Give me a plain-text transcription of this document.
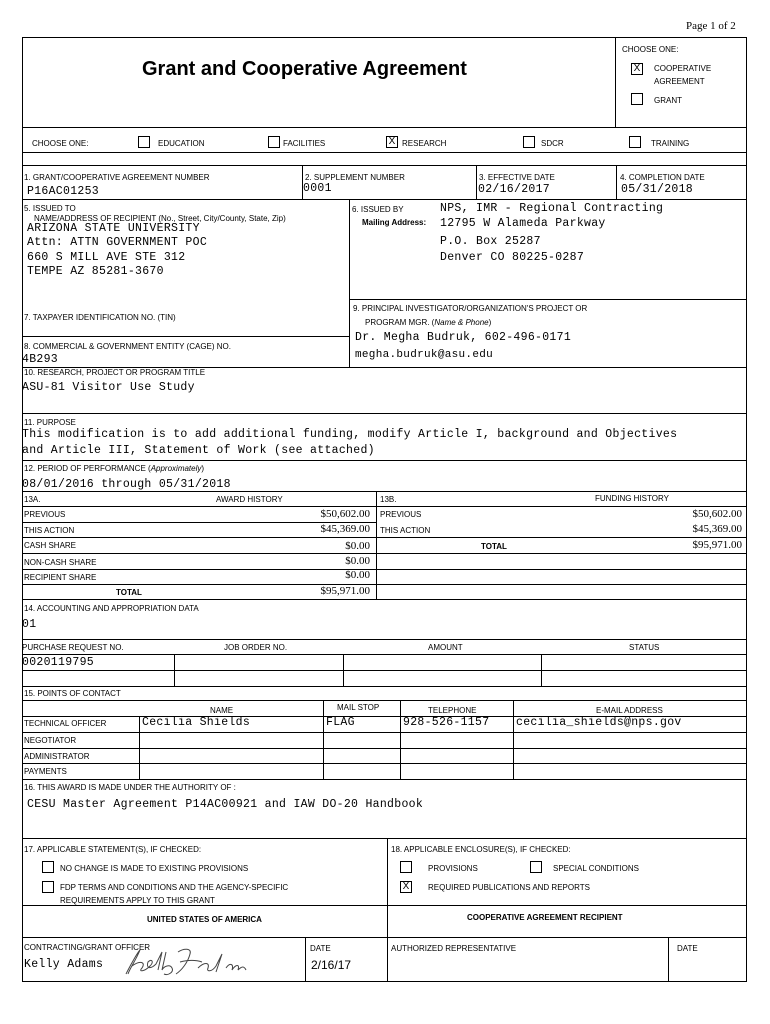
Page 1 of 2
Grant and Cooperative Agreement
CHOOSE ONE:
X	COOPERATIVE
AGREEMENT
GRANT
CHOOSE ONE:	EDUCATION	FACILITIES	X RESEARCH	SDCR	TRAINING
1. GRANT/COOPERATIVE AGREEMENT NUMBER
P16AC01253
2. SUPPLEMENT NUMBER
0001
3. EFFECTIVE DATE
02/16/2017
4. COMPLETION DATE
05/31/2018
5. ISSUED TO
NAME/ADDRESS OF RECIPIENT (No., Street, City/County, State, Zip)
ARIZONA STATE UNIVERSITY
Attn: ATTN GOVERNMENT POC
660 S MILL AVE STE 312
TEMPE AZ 85281-3670
6. ISSUED BY
Mailing Address:
NPS, IMR - Regional Contracting
12795 W Alameda Parkway
P.O. Box 25287
Denver CO 80225-0287
7. TAXPAYER IDENTIFICATION NO. (TIN)
8. COMMERCIAL & GOVERNMENT ENTITY (CAGE) NO.
4B293
9. PRINCIPAL INVESTIGATOR/ORGANIZATION'S PROJECT OR
PROGRAM MGR. (Name & Phone)
Dr. Megha Budruk, 602-496-0171
megha.budruk@asu.edu
10. RESEARCH, PROJECT OR PROGRAM TITLE
ASU-81 Visitor Use Study
11. PURPOSE
This modification is to add additional funding, modify Article I, background and Objectives
and Article III, Statement of Work (see attached)
12. PERIOD OF PERFORMANCE (Approximately)
08/01/2016 through 05/31/2018
13A.	AWARD HISTORY	13B.	FUNDING HISTORY
PREVIOUS	$50,602.00 PREVIOUS	$50,602.00
THIS ACTION	$45,369.00 THIS ACTION	$45,369.00
CASH SHARE	$0.00	TOTAL	$95,971.00
NON-CASH SHARE	$0.00
RECIPIENT SHARE	$0.00
TOTAL	$95,971.00
14. ACCOUNTING AND APPROPRIATION DATA
01
PURCHASE REQUEST NO.	JOB ORDER NO.	AMOUNT	STATUS
0020119795
15. POINTS OF CONTACT
NAME	MAIL STOP	TELEPHONE	E-MAIL ADDRESS
TECHNICAL OFFICER	Cecilia Shields	FLAG	928-526-1157 cecilia_shields@nps.gov
NEGOTIATOR
ADMINISTRATOR
PAYMENTS
16. THIS AWARD IS MADE UNDER THE AUTHORITY OF :
CESU Master Agreement P14AC00921 and IAW DO-20 Handbook
17. APPLICABLE STATEMENT(S), IF CHECKED:
NO CHANGE IS MADE TO EXISTING PROVISIONS
FDP TERMS AND CONDITIONS AND THE AGENCY-SPECIFIC
REQUIREMENTS APPLY TO THIS GRANT
18. APPLICABLE ENCLOSURE(S), IF CHECKED:
PROVISIONS	SPECIAL CONDITIONS
X	REQUIRED PUBLICATIONS AND REPORTS
UNITED STATES OF AMERICA	COOPERATIVE AGREEMENT RECIPIENT
CONTRACTING/GRANT OFFICER
Kelly Adams
DATE
2/16/17
AUTHORIZED REPRESENTATIVE	DATE
